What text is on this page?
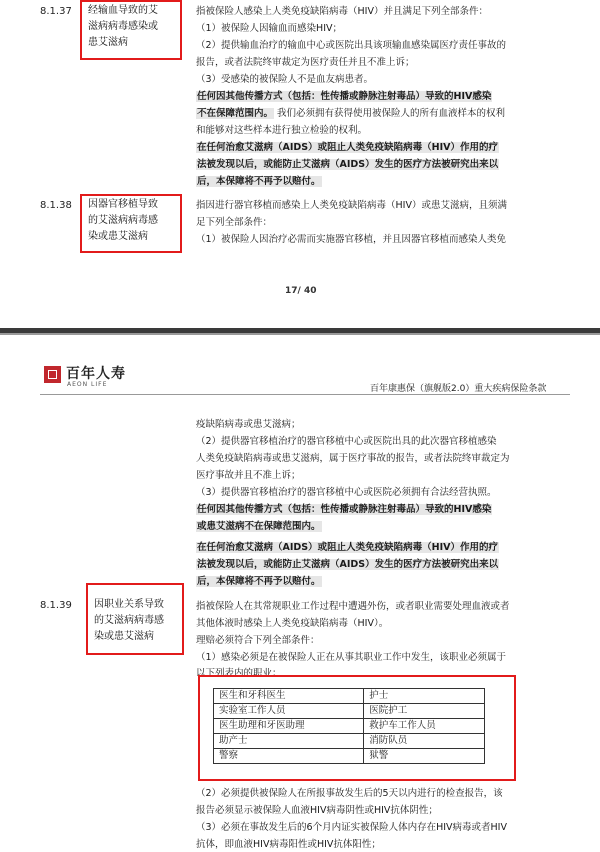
8.1.37 经输血导致的艾
滋病病毒感染或
患艾滋病
指被保险人感染上人类免疫缺陷病毒（HIV）并且满足下列全部条件：
（1）被保险人因输血而感染HIV；
（2）提供输血治疗的输血中心或医院出具该项输血感染属医疗责任事故的
报告，或者法院终审裁定为医疗责任并且不准上诉；
（3）受感染的被保险人不是血友病患者。
任何因其他传播方式（包括：性传播或静脉注射毒品）导致的HIV感染
不在保障范围内。 我们必须拥有获得使用被保险人的所有血液样本的权利
和能够对这些样本进行独立检验的权利。
在任何治愈艾滋病（AIDS）或阻止人类免疫缺陷病毒（HIV）作用的疗
法被发现以后，或能防止艾滋病（AIDS）发生的医疗方法被研究出来以
后，本保障将不再予以赔付。
8.1.38 因器官移植导致
的艾滋病病毒感
染或患艾滋病
指因进行器官移植而感染上人类免疫缺陷病毒（HIV）或患艾滋病，且须满
足下列全部条件：
（1）被保险人因治疗必需而实施器官移植，并且因器官移植而感染人类免
17/ 40
百年人寿
AEON LIFE	百年康惠保（旗舰版2.0）重大疾病保险条款
疫缺陷病毒或患艾滋病；
（2）提供器官移植治疗的器官移植中心或医院出具的此次器官移植感染
人类免疫缺陷病毒或患艾滋病，属于医疗事故的报告，或者法院终审裁定为
医疗事故并且不准上诉；
（3）提供器官移植治疗的器官移植中心或医院必须拥有合法经营执照。
任何因其他传播方式（包括：性传播或静脉注射毒品）导致的HIV感染
或患艾滋病不在保障范围内。
在任何治愈艾滋病（AIDS）或阻止人类免疫缺陷病毒（HIV）作用的疗
法被发现以后，或能防止艾滋病（AIDS）发生的医疗方法被研究出来以
后，本保障将不再予以赔付。
8.1.39 因职业关系导致
的艾滋病病毒感
染或患艾滋病
指被保险人在其常规职业工作过程中遭遇外伤，或者职业需要处理血液或者
其他体液时感染上人类免疫缺陷病毒（HIV）。
理赔必须符合下列全部条件：
（1）感染必须是在被保险人正在从事其职业工作中发生，该职业必须属于
以下列表内的职业：
医生和牙科医生	护士
实验室工作人员	医院护工
医生助理和牙医助理	救护车工作人员
助产士	消防队员
警察	狱警
（2）必须提供被保险人在所报事故发生后的5天以内进行的检查报告，该
报告必须显示被保险人血液HIV病毒阴性或HIV抗体阴性；
（3）必须在事故发生后的6个月内证实被保险人体内存在HIV病毒或者HIV
抗体，即血液HIV病毒阳性或HIV抗体阳性；
